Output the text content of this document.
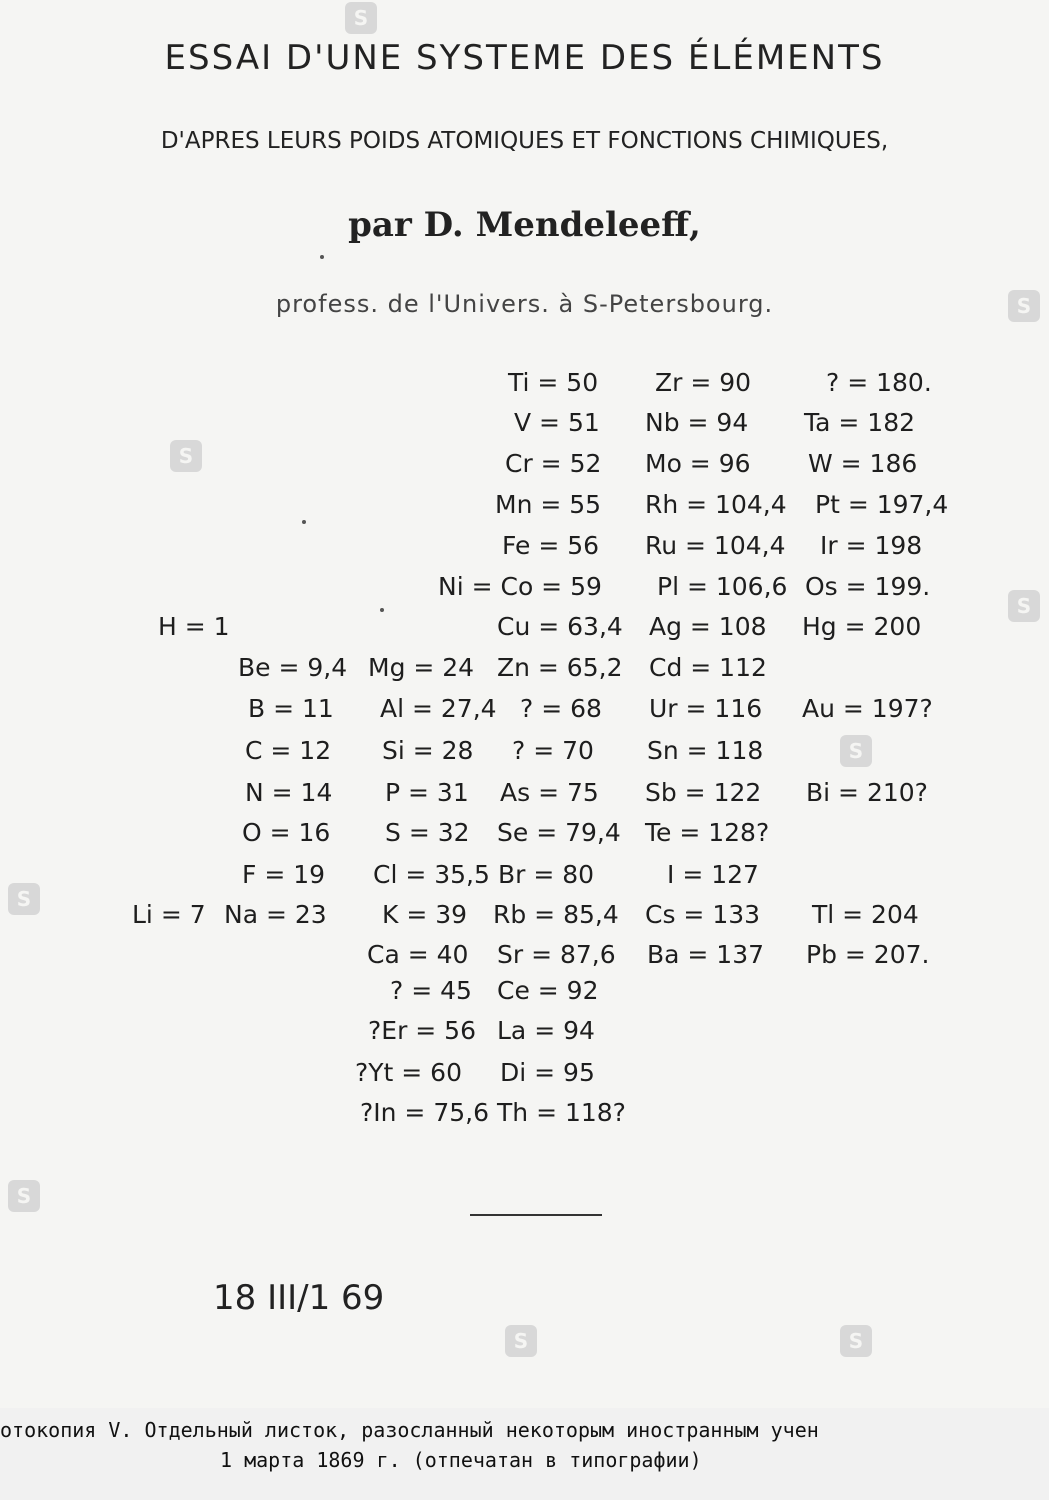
ESSAI D'UNE SYSTEME DES ÉLÉMENTS
D'APRES LEURS POIDS ATOMIQUES ET FONCTIONS CHIMIQUES,
par D. Mendeleeff,
profess. de l'Univers. à S-Petersbourg.
Ti = 50 Zr = 90	? = 180.
V = 51 Nb = 94 Ta = 182
Cr = 52 Mo = 96 W = 186
Mn = 55 Rh = 104,4 Pt = 197,4
Fe = 56 Ru = 104,4 Ir = 198
Ni = Co = 59 Pl = 106,6 Os = 199.
H = 1	Cu = 63,4 Ag = 108 Hg = 200
Be = 9,4 Mg = 24 Zn = 65,2 Cd = 112
B = 11 Al = 27,4 ? = 68 Ur = 116 Au = 197?
C = 12 Si = 28 ? = 70 Sn = 118
N = 14 P = 31 As = 75 Sb = 122 Bi = 210?
O = 16 S = 32 Se = 79,4 Te = 128?
F = 19 Cl = 35,5 Br = 80	I = 127
Li = 7 Na = 23 K = 39 Rb = 85,4 Cs = 133 Tl = 204
Ca = 40 Sr = 87,6 Ba = 137 Pb = 207.
? = 45 Ce = 92
?Er = 56 La = 94
?Yt = 60 Di = 95
?In = 75,6 Th = 118?
18 III/1 69
S
S
S
S
S
S
S
S	S
отокопия V. Отдельный листок, разосланный некоторым иностранным учен
1 марта 1869 г. (отпечатан в типографии)
